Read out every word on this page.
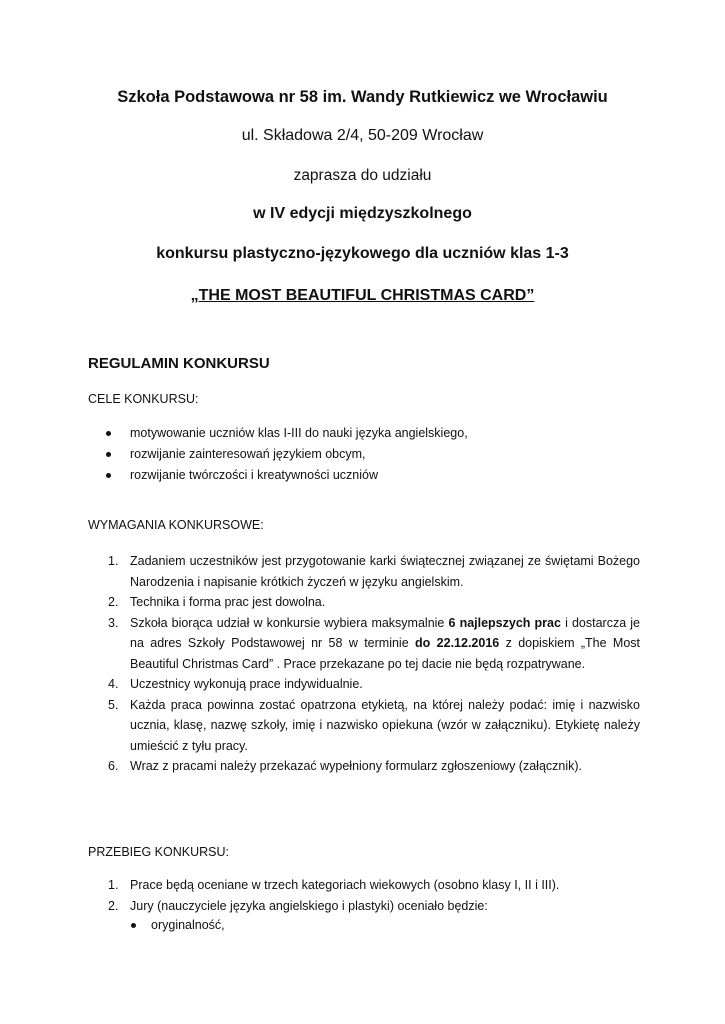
Szkoła Podstawowa nr 58 im. Wandy Rutkiewicz we Wrocławiu
ul. Składowa 2/4, 50-209 Wrocław
zaprasza do udziału
w IV edycji międzyszkolnego
konkursu plastyczno-językowego dla uczniów klas 1-3
„THE MOST BEAUTIFUL CHRISTMAS CARD”
REGULAMIN KONKURSU
CELE KONKURSU:
motywowanie uczniów klas I-III do nauki języka angielskiego,
rozwijanie zainteresowań językiem obcym,
rozwijanie twórczości i kreatywności uczniów
WYMAGANIA KONKURSOWE:
1. Zadaniem uczestników jest przygotowanie karki świątecznej związanej ze świętami Bożego Narodzenia i napisanie krótkich życzeń w języku angielskim.
2. Technika i forma prac jest dowolna.
3. Szkoła biorąca udział w konkursie wybiera maksymalnie 6 najlepszych prac i dostarcza je na adres Szkoły Podstawowej nr 58 w terminie do 22.12.2016 z dopiskiem „The Most Beautiful Christmas Card” . Prace przekazane po tej dacie nie będą rozpatrywane.
4. Uczestnicy wykonują prace indywidualnie.
5. Każda praca powinna zostać opatrzona etykietą, na której należy podać: imię i nazwisko ucznia, klasę, nazwę szkoły, imię i nazwisko opiekuna (wzór w załączniku). Etykietę należy umieścić z tyłu pracy.
6. Wraz z pracami należy przekazać wypełniony formularz zgłoszeniowy (załącznik).
PRZEBIEG KONKURSU:
1. Prace będą oceniane w trzech kategoriach wiekowych (osobno klasy I, II i III).
2. Jury (nauczyciele języka angielskiego i plastyki) oceniało będzie:
oryginalność,
